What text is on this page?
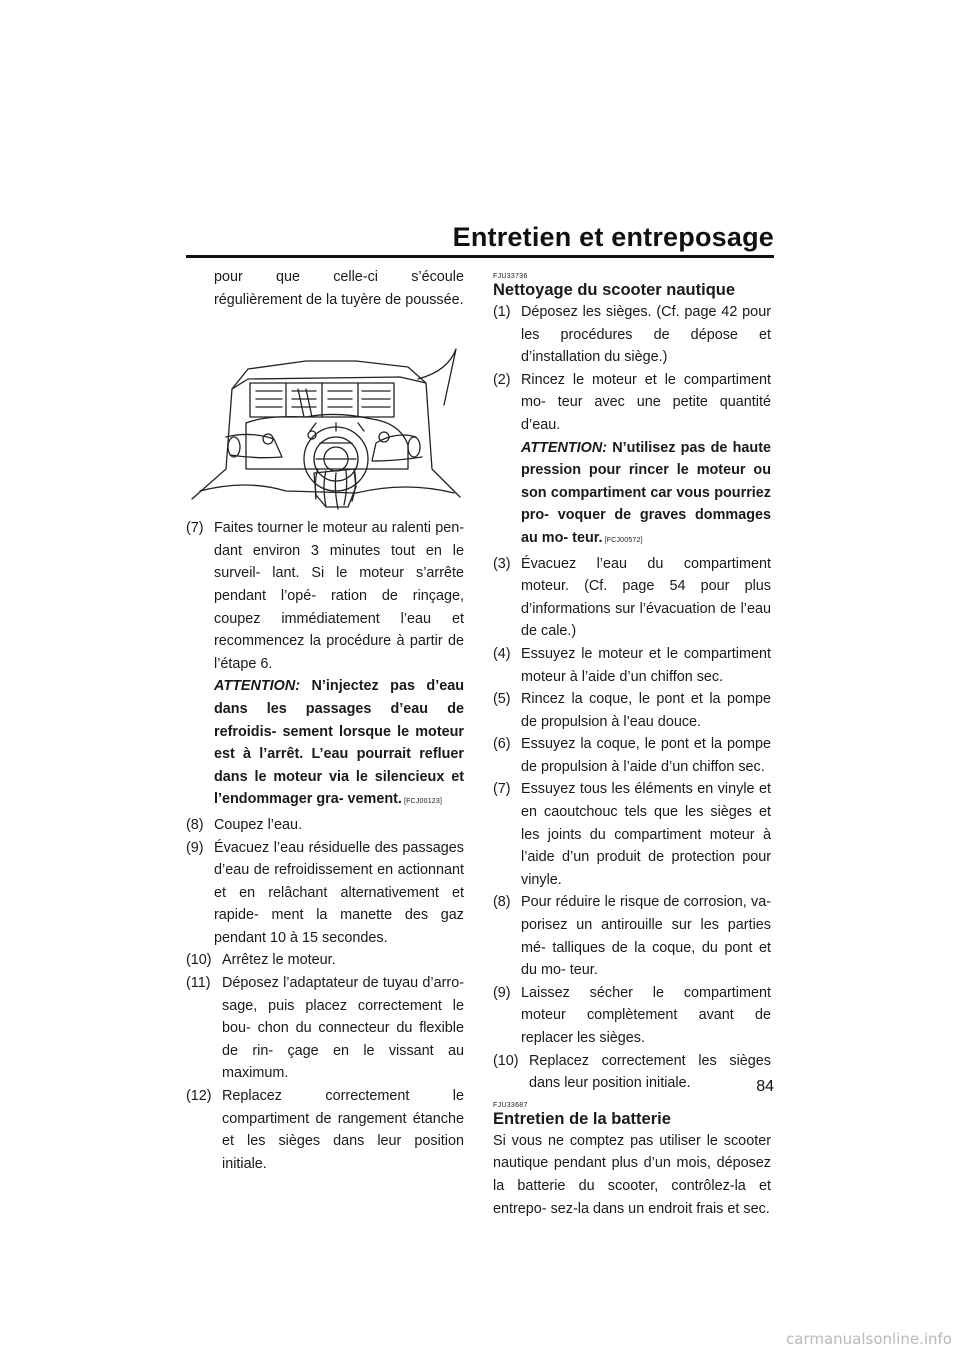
Entretien et entreposage

pour que celle-ci s’écoule régulièrement de la tuyère de poussée.

(7) Faites tourner le moteur au ralenti pen- dant environ 3 minutes tout en le surveil- lant. Si le moteur s’arrête pendant l’opé- ration de rinçage, coupez immédiatement l’eau et recommencez la procédure à partir de l’étape 6.
ATTENTION: N’injectez pas d’eau dans les passages d’eau de refroidis- sement lorsque le moteur est à l’arrêt. L’eau pourrait refluer dans le moteur via le silencieux et l’endommager gra- vement. [FCJ00123]
(8) Coupez l’eau.
(9) Évacuez l’eau résiduelle des passages d’eau de refroidissement en actionnant et en relâchant alternativement et rapide- ment la manette des gaz pendant 10 à 15 secondes.
(10) Arrêtez le moteur.
(11) Déposez l’adaptateur de tuyau d’arro- sage, puis placez correctement le bou- chon du connecteur du flexible de rin- çage en le vissant au maximum.
(12) Replacez correctement le compartiment de rangement étanche et les sièges dans leur position initiale.
FJU33736
Nettoyage du scooter nautique
(1) Déposez les sièges. (Cf. page 42 pour les procédures de dépose et d’installation du siège.)
(2) Rincez le moteur et le compartiment mo- teur avec une petite quantité d’eau.
ATTENTION: N’utilisez pas de haute pression pour rincer le moteur ou son compartiment car vous pourriez pro- voquer de graves dommages au mo- teur. [FCJ00572]
(3) Évacuez l’eau du compartiment moteur. (Cf. page 54 pour plus d’informations sur l’évacuation de l’eau de cale.)
(4) Essuyez le moteur et le compartiment moteur à l’aide d’un chiffon sec.
(5) Rincez la coque, le pont et la pompe de propulsion à l’eau douce.
(6) Essuyez la coque, le pont et la pompe de propulsion à l’aide d’un chiffon sec.
(7) Essuyez tous les éléments en vinyle et en caoutchouc tels que les sièges et les joints du compartiment moteur à l’aide d’un produit de protection pour vinyle.
(8) Pour réduire le risque de corrosion, va- porisez un antirouille sur les parties mé- talliques de la coque, du pont et du mo- teur.
(9) Laissez sécher le compartiment moteur complètement avant de replacer les sièges.
(10) Replacez correctement les sièges dans leur position initiale.
FJU33687
Entretien de la batterie

Si vous ne comptez pas utiliser le scooter nautique pendant plus d’un mois, déposez la batterie du scooter, contrôlez-la et entrepo- sez-la dans un endroit frais et sec.

84
carmanualsonline.info
